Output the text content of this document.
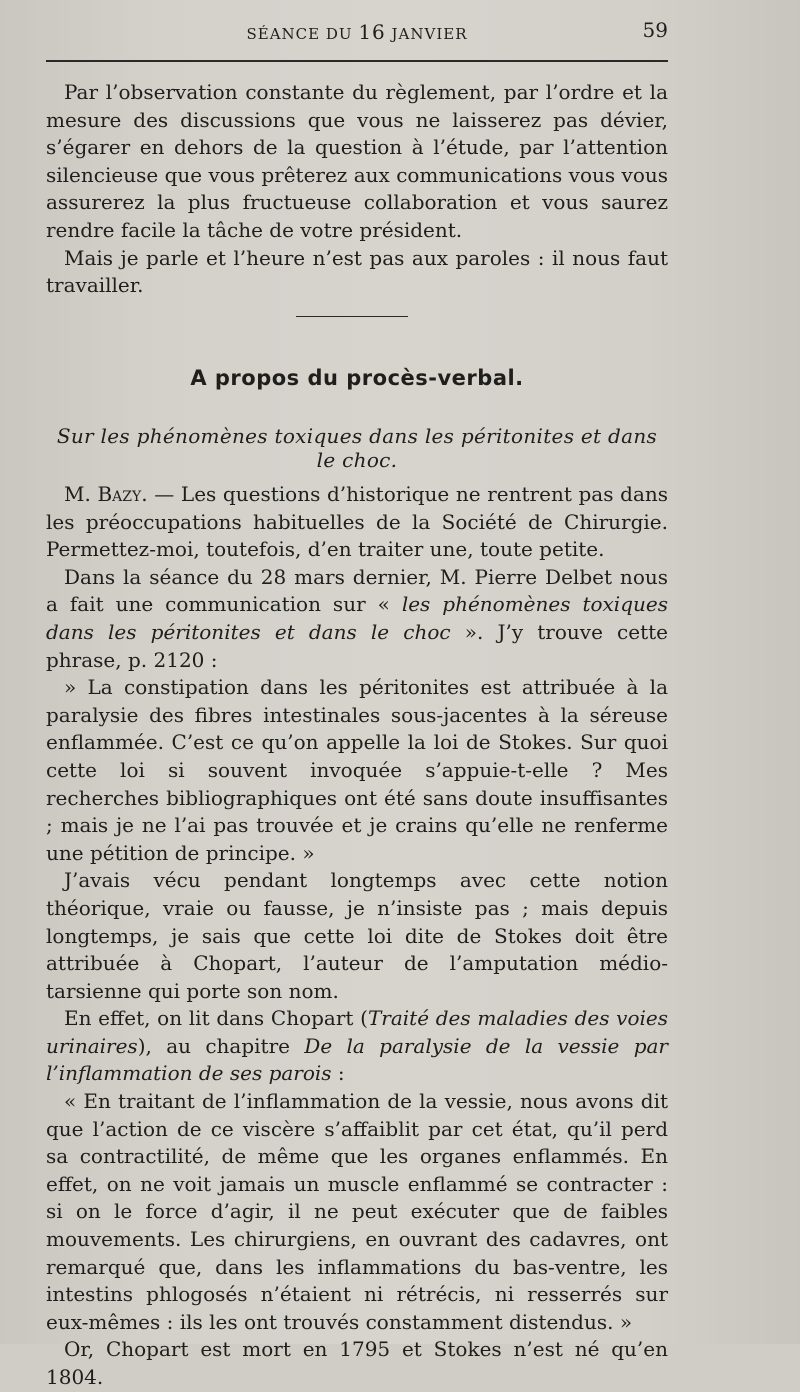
SÉANCE DU 16 JANVIER	59

Par l’observation constante du règlement, par l’ordre et la mesure des discussions que vous ne laisserez pas dévier, s’égarer en dehors de la question à l’étude, par l’attention silencieuse que vous prêterez aux communications vous vous assurerez la plus fructueuse collaboration et vous saurez rendre facile la tâche de votre président.

Mais je parle et l’heure n’est pas aux paroles : il nous faut travailler.

A propos du procès-verbal.
Sur les phénomènes toxiques dans les péritonites et dans le choc.

M. Bazy. — Les questions d’historique ne rentrent pas dans les préoccupations habituelles de la Société de Chirurgie. Permettez-moi, toutefois, d’en traiter une, toute petite.

Dans la séance du 28 mars dernier, M. Pierre Delbet nous a fait une communication sur « les phénomènes toxiques dans les péritonites et dans le choc ». J’y trouve cette phrase, p. 2120 :

» La constipation dans les péritonites est attribuée à la paralysie des fibres intestinales sous-jacentes à la séreuse enflammée. C’est ce qu’on appelle la loi de Stokes. Sur quoi cette loi si souvent invoquée s’appuie-t-elle ? Mes recherches bibliographiques ont été sans doute insuffisantes ; mais je ne l’ai pas trouvée et je crains qu’elle ne renferme une pétition de principe. »

J’avais vécu pendant longtemps avec cette notion théorique, vraie ou fausse, je n’insiste pas ; mais depuis longtemps, je sais que cette loi dite de Stokes doit être attribuée à Chopart, l’auteur de l’amputation médio-tarsienne qui porte son nom.

En effet, on lit dans Chopart (Traité des maladies des voies urinaires), au chapitre De la paralysie de la vessie par l’inflammation de ses parois :

« En traitant de l’inflammation de la vessie, nous avons dit que l’action de ce viscère s’affaiblit par cet état, qu’il perd sa contractilité, de même que les organes enflammés. En effet, on ne voit jamais un muscle enflammé se contracter : si on le force d’agir, il ne peut exécuter que de faibles mouvements. Les chirurgiens, en ouvrant des cadavres, ont remarqué que, dans les inflammations du bas-ventre, les intestins phlogosés n’étaient ni rétrécis, ni resserrés sur eux-mêmes : ils les ont trouvés constamment distendus. »

Or, Chopart est mort en 1795 et Stokes n’est né qu’en 1804.
